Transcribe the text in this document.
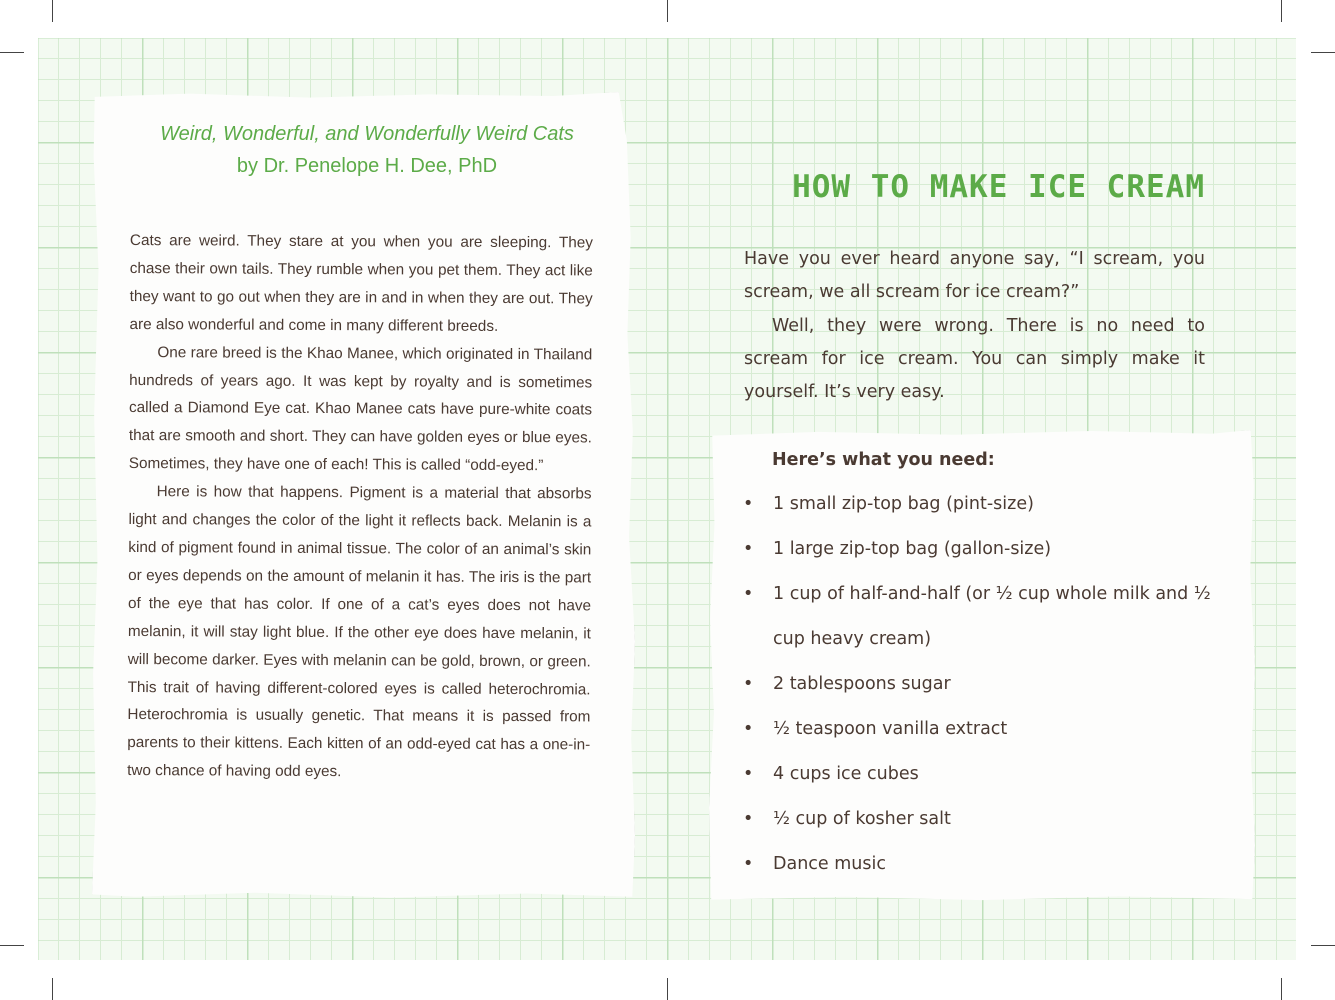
Weird, Wonderful, and Wonderfully Weird Cats
by Dr. Penelope H. Dee, PhD

Cats are weird. They stare at you when you are sleeping. They chase their own tails. They rumble when you pet them. They act like they want to go out when they are in and in when they are out. They are also wonderful and come in many different breeds.

One rare breed is the Khao Manee, which originated in Thailand hundreds of years ago. It was kept by royalty and is sometimes called a Diamond Eye cat. Khao Manee cats have pure-white coats that are smooth and short. They can have golden eyes or blue eyes. Sometimes, they have one of each! This is called “odd-eyed.”

Here is how that happens. Pigment is a material that absorbs light and changes the color of the light it reflects back. Melanin is a kind of pigment found in animal tissue. The color of an animal’s skin or eyes depends on the amount of melanin it has. The iris is the part of the eye that has color. If one of a cat’s eyes does not have melanin, it will stay light blue. If the other eye does have melanin, it will become darker. Eyes with melanin can be gold, brown, or green. This trait of having different-colored eyes is called heterochromia. Heterochromia is usually genetic. That means it is passed from parents to their kittens. Each kitten of an odd-eyed cat has a one-in-two chance of having odd eyes.

HOW TO MAKE ICE CREAM

Have you ever heard anyone say, “I scream, you scream, we all scream for ice cream?”

Well, they were wrong. There is no need to scream for ice cream. You can simply make it yourself. It’s very easy.

Here’s what you need:
• 1 small zip-top bag (pint-size)
• 1 large zip-top bag (gallon-size)
• 1 cup of half-and-half (or ½ cup whole milk and ½ cup heavy cream)
• 2 tablespoons sugar
• ½ teaspoon vanilla extract
• 4 cups ice cubes
• ½ cup of kosher salt
• Dance music
